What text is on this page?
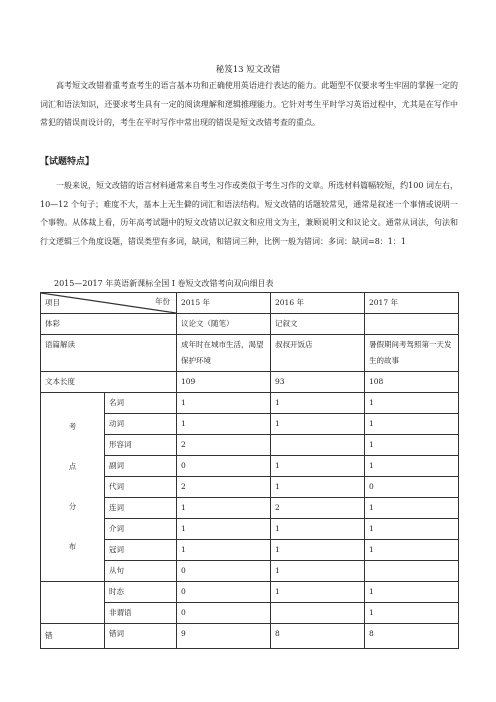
秘笈13 短文改错

高考短文改错着重考查考生的语言基本功和正确使用英语进行表达的能力。此题型不仅要求考生牢固的掌握一定的词汇和语法知识，还要求考生具有一定的阅读理解和逻辑推理能力。它针对考生平时学习英语过程中，尤其是在写作中常犯的错误而设计的，考生在平时写作中常出现的错误是短文改错考查的重点。

【试题特点】

一般来说，短文改错的语言材料通常来自考生习作或类似于考生习作的文章。所选材料篇幅较短，约100 词左右，10—12 个句子；难度不大，基本上无生僻的词汇和语法结构。短文改错的话题较常见，通常是叙述一个事情或说明一个事物。从体裁上看，历年高考试题中的短文改错以记叙文和应用文为主，兼顾说明文和议论文。通常从词法，句法和行文逻辑三个角度设题，错误类型有多词，缺词，和错词三种，比例一般为错词：多词：缺词=8：1：1

2015—2017 年英语新课标全国 I 卷短文改错考向双向细目表
项目 年份		2015 年	2016 年	2017 年
体彩		议论文（随笔）	记叙文	
语篇解读		成年时在城市生活，渴望保护环境	叔叔开饭店	暑假期间考驾照第一天发生的故事
文本长度		109	93	108
考

点

分

布	名词	1	1	1
	动词	1	1	1
	形容词	2		1
	副词	0	1	1
	代词	2	1	0
	连词	1	2	1
	介词	1	1	1
	冠词	1	1	1
	从句	0	1	
	时态	0	1	1
	非谓语	0		1
错	错词	9	8	8
